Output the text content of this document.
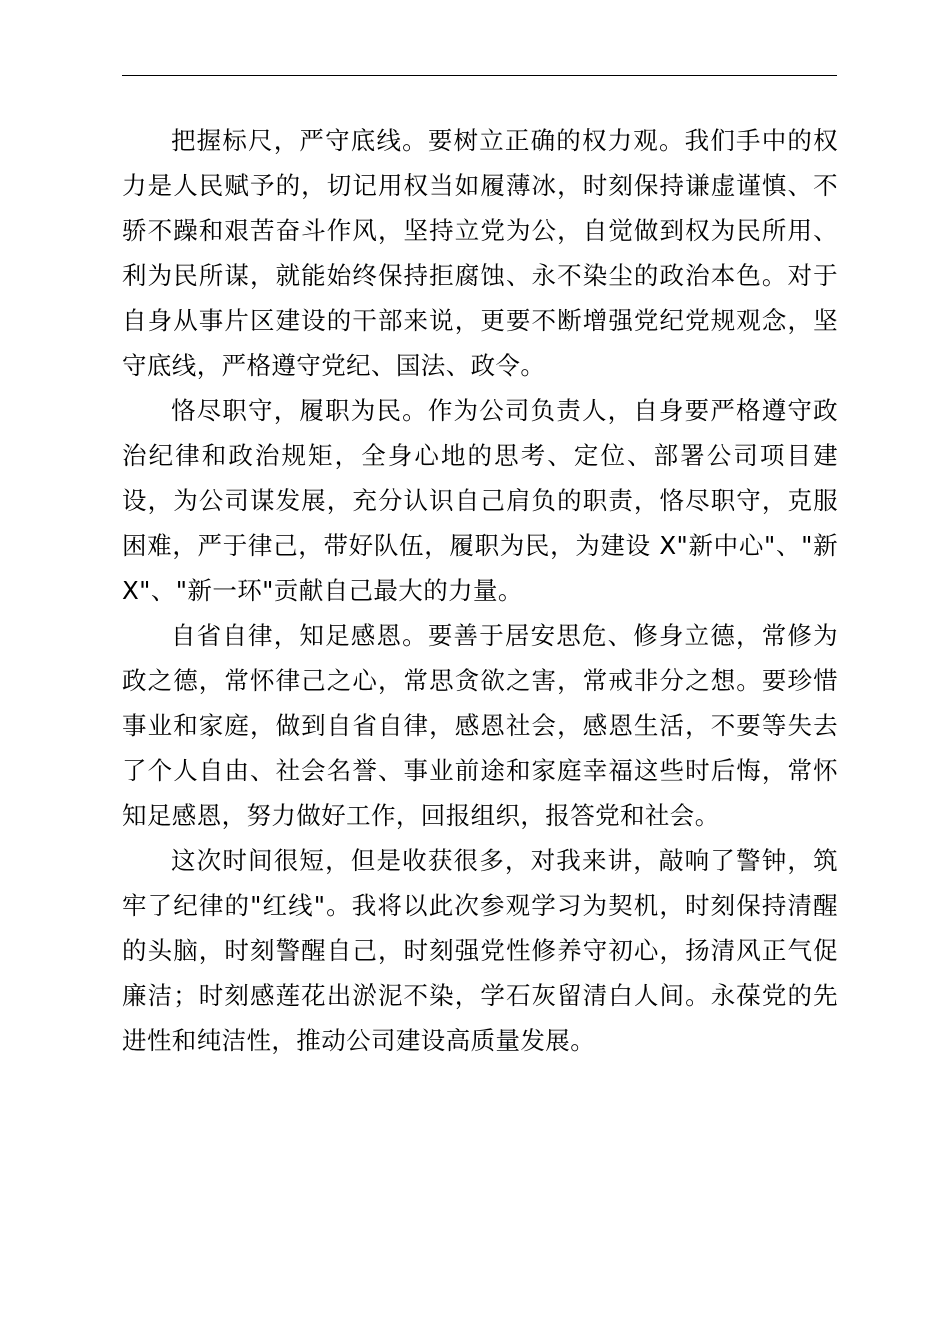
把握标尺，严守底线。要树立正确的权力观。我们手中的权力是人民赋予的，切记用权当如履薄冰，时刻保持谦虚谨慎、不骄不躁和艰苦奋斗作风，坚持立党为公，自觉做到权为民所用、利为民所谋，就能始终保持拒腐蚀、永不染尘的政治本色。对于自身从事片区建设的干部来说，更要不断增强党纪党规观念，坚守底线，严格遵守党纪、国法、政令。

恪尽职守，履职为民。作为公司负责人，自身要严格遵守政治纪律和政治规矩，全身心地的思考、定位、部署公司项目建设，为公司谋发展，充分认识自己肩负的职责，恪尽职守，克服困难，严于律己，带好队伍，履职为民，为建设 X"新中心"、"新 X"、"新一环"贡献自己最大的力量。

自省自律，知足感恩。要善于居安思危、修身立德，常修为政之德，常怀律己之心，常思贪欲之害，常戒非分之想。要珍惜事业和家庭，做到自省自律，感恩社会，感恩生活，不要等失去了个人自由、社会名誉、事业前途和家庭幸福这些时后悔，常怀知足感恩，努力做好工作，回报组织，报答党和社会。

这次时间很短，但是收获很多，对我来讲，敲响了警钟，筑牢了纪律的"红线"。我将以此次参观学习为契机，时刻保持清醒的头脑，时刻警醒自己，时刻强党性修养守初心，扬清风正气促廉洁；时刻感莲花出淤泥不染，学石灰留清白人间。永葆党的先进性和纯洁性，推动公司建设高质量发展。
